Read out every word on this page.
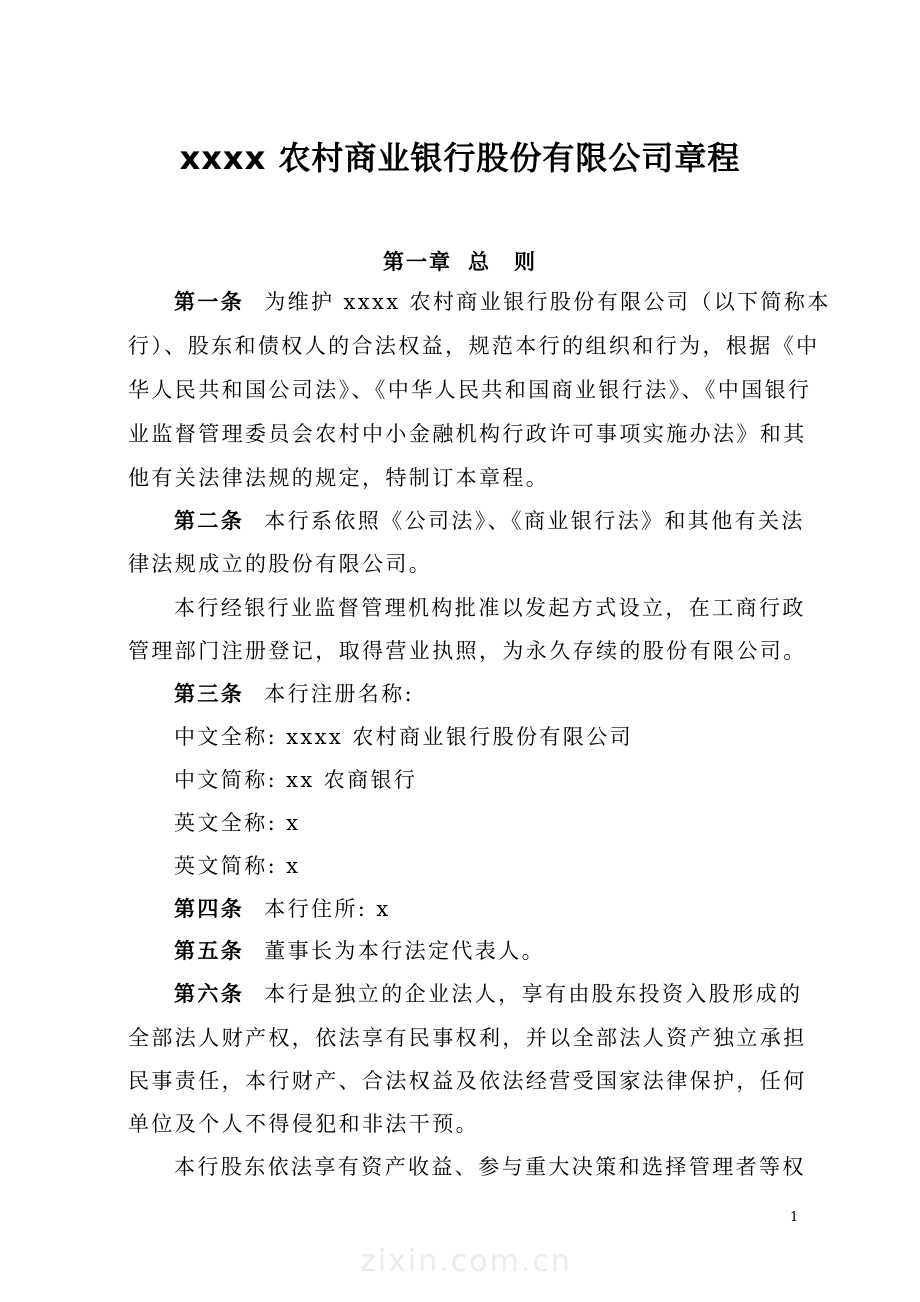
xxxx 农村商业银行股份有限公司章程
第一章 总　则
第一条 为维护 xxxx 农村商业银行股份有限公司（以下简称本
行）、股东和债权人的合法权益，规范本行的组织和行为，根据《中
华人民共和国公司法》、《中华人民共和国商业银行法》、《中国银行
业监督管理委员会农村中小金融机构行政许可事项实施办法》和其
他有关法律法规的规定，特制订本章程。
第二条 本行系依照《公司法》、《商业银行法》和其他有关法
律法规成立的股份有限公司。
本行经银行业监督管理机构批准以发起方式设立，在工商行政
管理部门注册登记，取得营业执照，为永久存续的股份有限公司。
第三条 本行注册名称:
中文全称: xxxx 农村商业银行股份有限公司
中文简称: xx 农商银行
英文全称: x
英文简称: x
第四条 本行住所: x
第五条 董事长为本行法定代表人。
第六条 本行是独立的企业法人，享有由股东投资入股形成的
全部法人财产权，依法享有民事权利，并以全部法人资产独立承担
民事责任，本行财产、合法权益及依法经营受国家法律保护，任何
单位及个人不得侵犯和非法干预。
本行股东依法享有资产收益、参与重大决策和选择管理者等权
1
zixin.com.cn
